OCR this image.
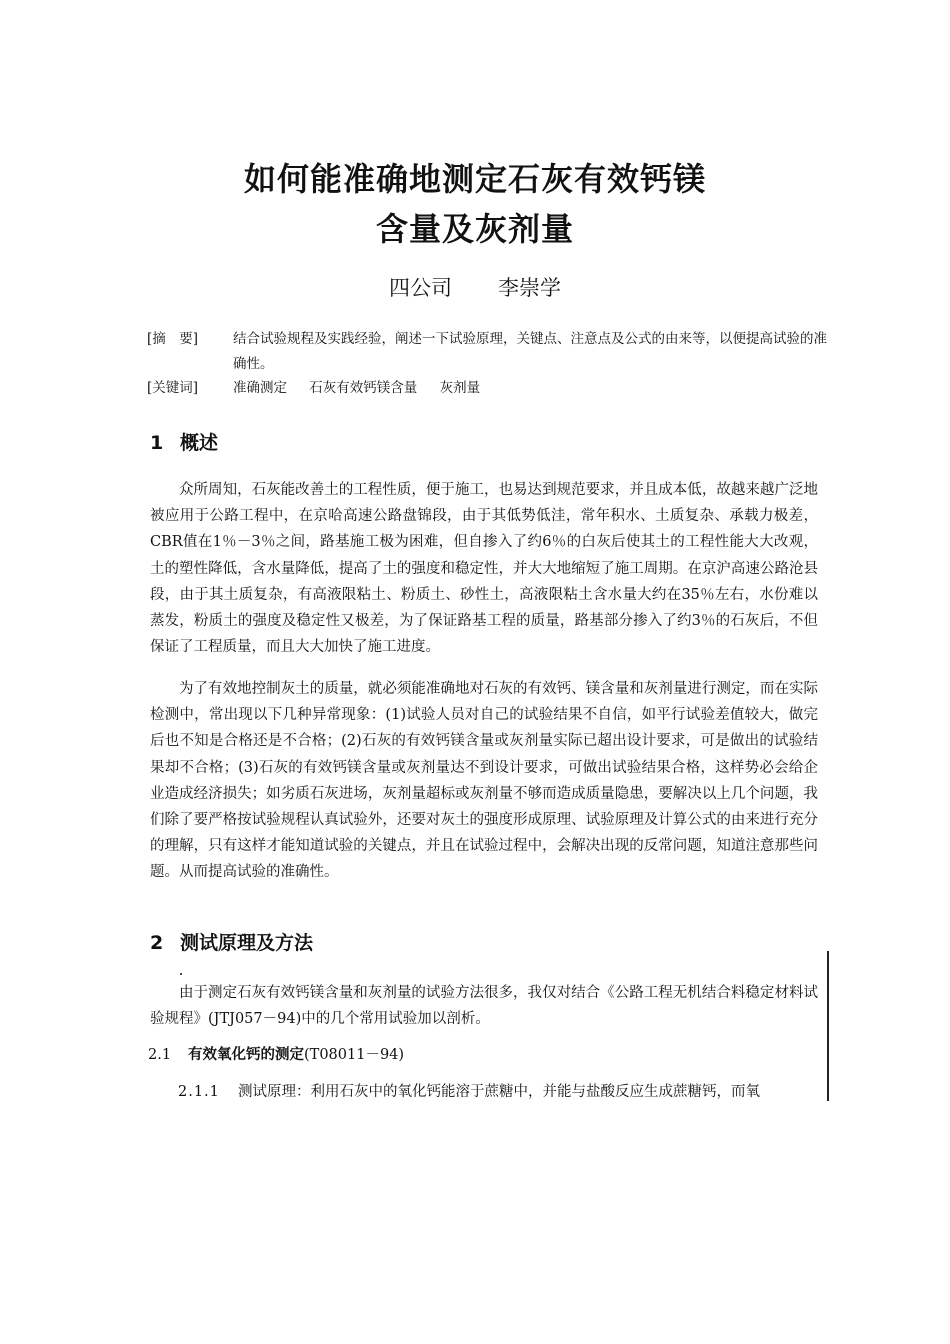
如何能准确地测定石灰有效钙镁
含量及灰剂量
四公司 李崇学
[摘　要]	结合试验规程及实践经验，阐述一下试验原理，关键点、注意点及公式的由来等，以便提高试验的准确性。
[关键词]	准确测定 石灰有效钙镁含量 灰剂量
1 概述

众所周知，石灰能改善土的工程性质，便于施工，也易达到规范要求，并且成本低，故越来越广泛地被应用于公路工程中，在京哈高速公路盘锦段，由于其低势低洼，常年积水、土质复杂、承载力极差，CBR值在1％－3％之间，路基施工极为困难，但自掺入了约6％的白灰后使其土的工程性能大大改观，土的塑性降低，含水量降低，提高了土的强度和稳定性，并大大地缩短了施工周期。在京沪高速公路沧县段，由于其土质复杂，有高液限粘土、粉质土、砂性土，高液限粘土含水量大约在35％左右，水份难以蒸发，粉质土的强度及稳定性又极差，为了保证路基工程的质量，路基部分掺入了约3％的石灰后，不但保证了工程质量，而且大大加快了施工进度。

为了有效地控制灰土的质量，就必须能准确地对石灰的有效钙、镁含量和灰剂量进行测定，而在实际检测中，常出现以下几种异常现象：(1)试验人员对自己的试验结果不自信，如平行试验差值较大，做完后也不知是合格还是不合格；(2)石灰的有效钙镁含量或灰剂量实际已超出设计要求，可是做出的试验结果却不合格；(3)石灰的有效钙镁含量或灰剂量达不到设计要求，可做出试验结果合格，这样势必会给企业造成经济损失；如劣质石灰进场，灰剂量超标或灰剂量不够而造成质量隐患，要解决以上几个问题，我们除了要严格按试验规程认真试验外，还要对灰土的强度形成原理、试验原理及计算公式的由来进行充分的理解，只有这样才能知道试验的关键点，并且在试验过程中，会解决出现的反常问题，知道注意那些问题。从而提高试验的准确性。

2 测试原理及方法

由于测定石灰有效钙镁含量和灰剂量的试验方法很多，我仅对结合《公路工程无机结合料稳定材料试验规程》(JTJ057－94)中的几个常用试验加以剖析。

2.1 有效氧化钙的测定(T08011－94)
2.1.1 测试原理：利用石灰中的氧化钙能溶于蔗糖中，并能与盐酸反应生成蔗糖钙，而氧
